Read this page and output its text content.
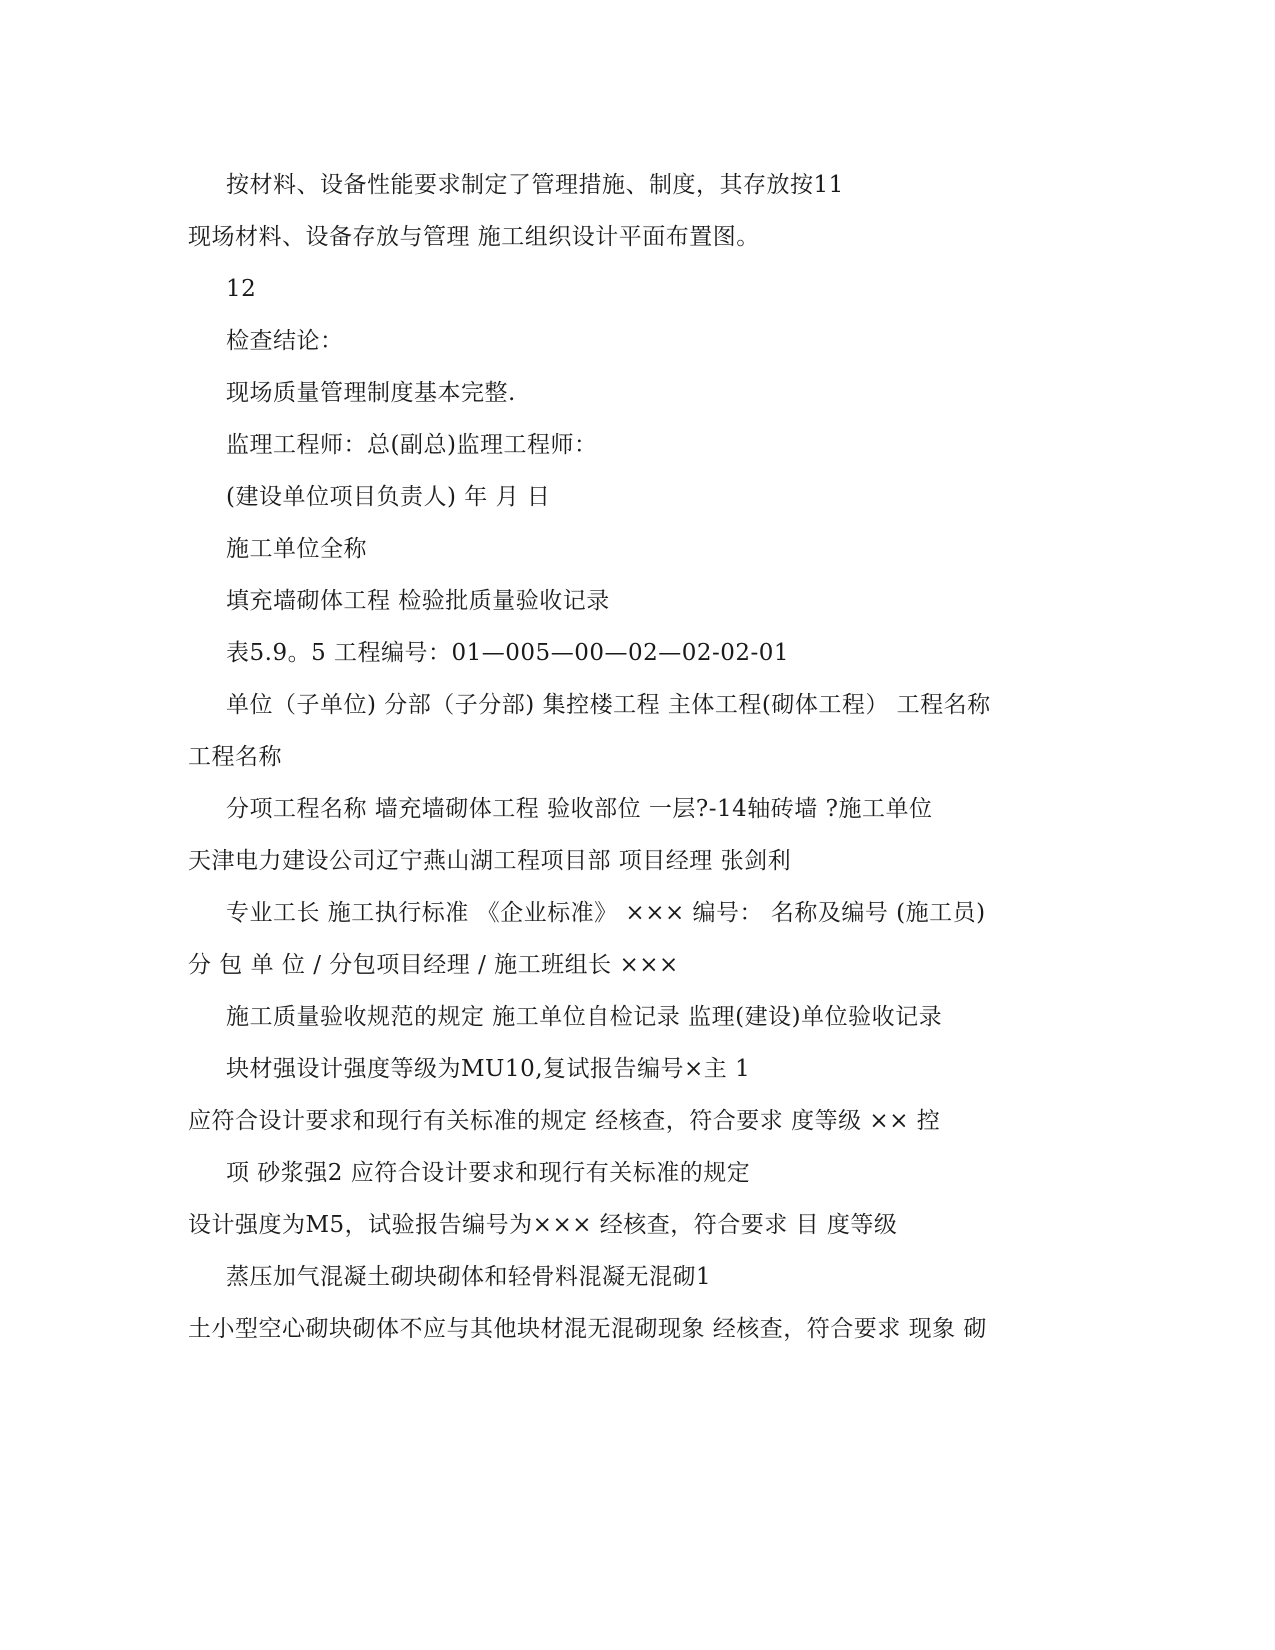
按材料、设备性能要求制定了管理措施、制度，其存放按11
现场材料、设备存放与管理 施工组织设计平面布置图。
12
检查结论：
现场质量管理制度基本完整.
监理工程师：总(副总)监理工程师：
(建设单位项目负责人) 年 月 日
施工单位全称
填充墙砌体工程 检验批质量验收记录
表5.9。5 工程编号：01—005—00—02—02-02-01
单位（子单位) 分部（子分部) 集控楼工程 主体工程(砌体工程） 工程名称
工程名称
分项工程名称 墙充墙砌体工程 验收部位 一层?-14轴砖墙 ?施工单位
天津电力建设公司辽宁燕山湖工程项目部 项目经理 张剑利
专业工长 施工执行标准 《企业标准》 ××× 编号： 名称及编号 (施工员)
分 包 单 位 / 分包项目经理 / 施工班组长 ×××
施工质量验收规范的规定 施工单位自检记录 监理(建设)单位验收记录
块材强设计强度等级为MU10,复试报告编号×主 1
应符合设计要求和现行有关标准的规定 经核查，符合要求 度等级 ×× 控
项 砂浆强2 应符合设计要求和现行有关标准的规定
设计强度为M5，试验报告编号为××× 经核查，符合要求 目 度等级
蒸压加气混凝土砌块砌体和轻骨料混凝无混砌1
土小型空心砌块砌体不应与其他块材混无混砌现象 经核查，符合要求 现象 砌
